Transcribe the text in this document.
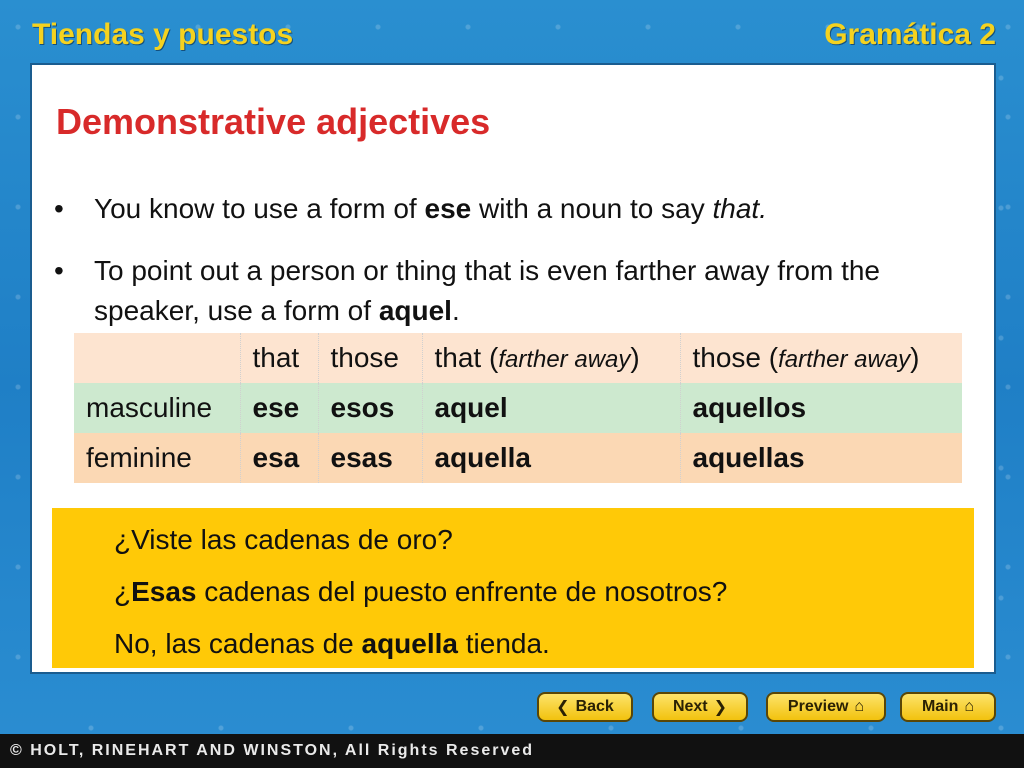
Tiendas y puestos	Gramática 2
Demonstrative adjectives
• You know to use a form of ese with a noun to say that.
• To point out a person or thing that is even farther away from the speaker, use a form of aquel.
	that	those	that (farther away)	those (farther away)
masculine	ese	esos	aquel	aquellos
feminine	esa	esas	aquella	aquellas
¿Viste las cadenas de oro?
¿Esas cadenas del puesto enfrente de nosotros?
No, las cadenas de aquella tienda.
❮ Back	Next ❯	Preview ⌂	Main ⌂
© HOLT, RINEHART AND WINSTON, All Rights Reserved
